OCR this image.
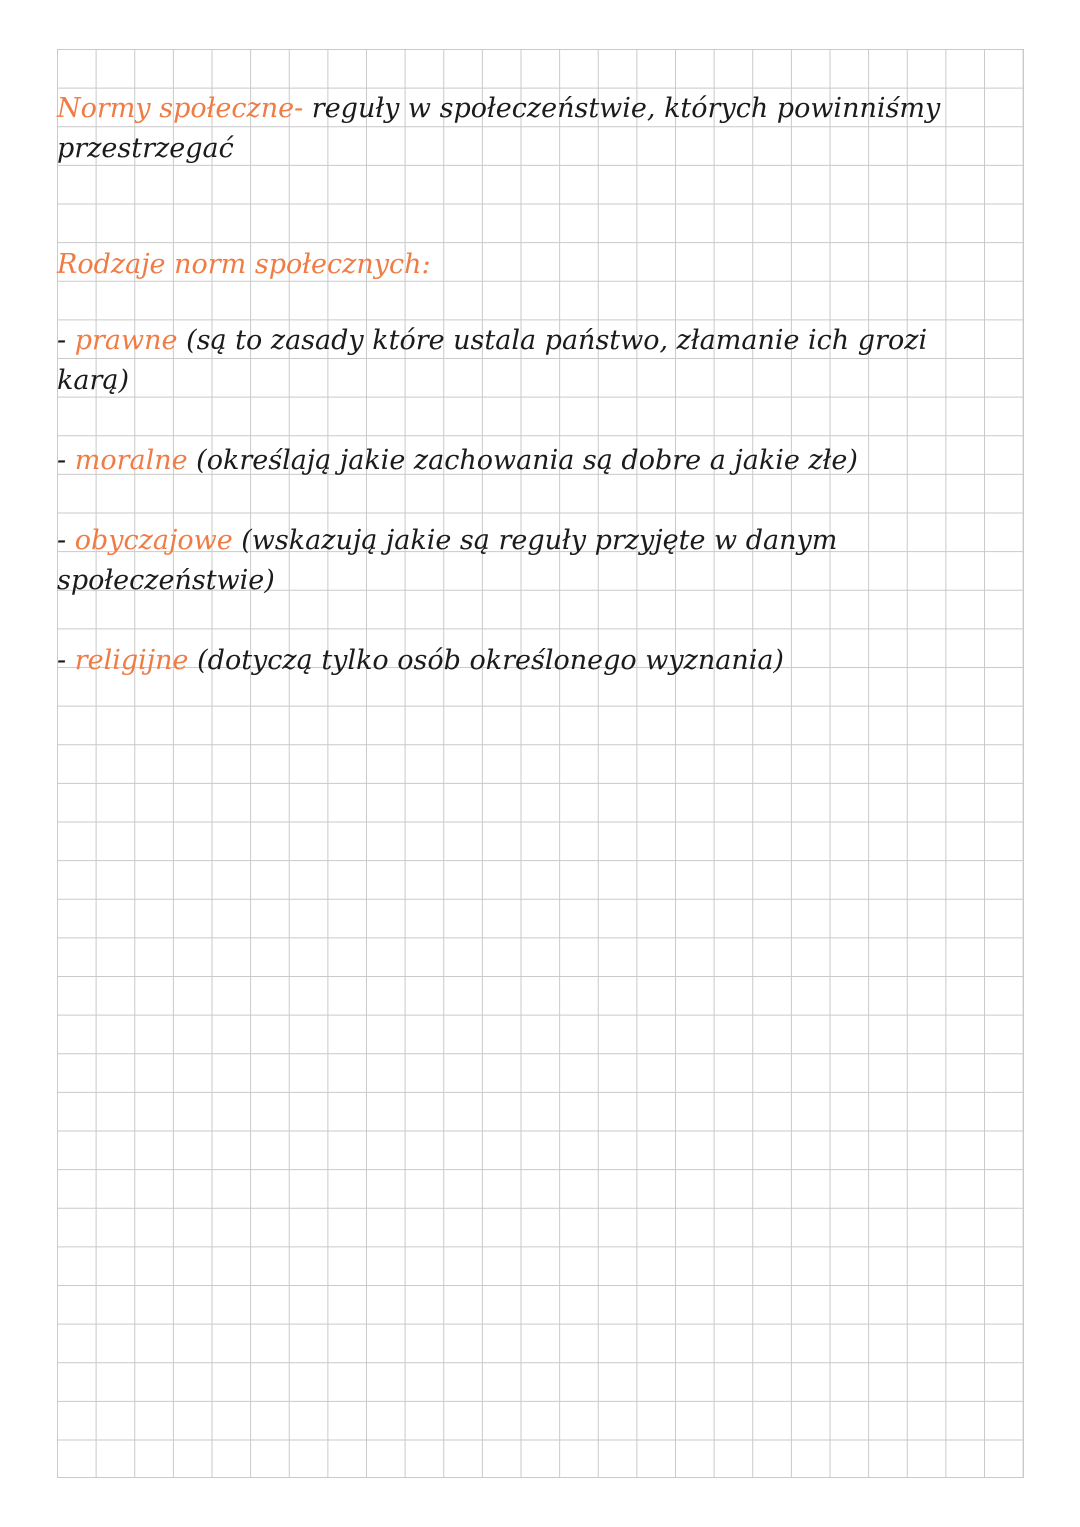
Normy społeczne- reguły w społeczeństwie, których powinniśmy
przestrzegać
Rodzaje norm społecznych:
- prawne (są to zasady które ustala państwo, złamanie ich grozi
karą)
- moralne (określają jakie zachowania są dobre a jakie złe)
- obyczajowe (wskazują jakie są reguły przyjęte w danym
społeczeństwie)
- religijne (dotyczą tylko osób określonego wyznania)
